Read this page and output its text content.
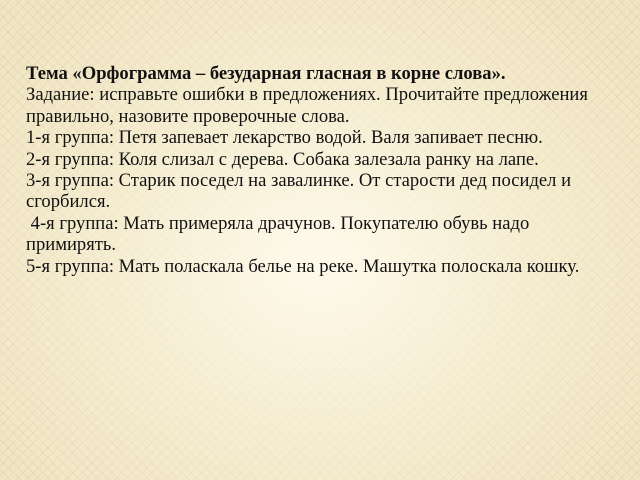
Тема «Орфограмма – безударная гласная в корне слова».

Задание: исправьте ошибки в предложениях. Прочитайте предложения правильно, назовите проверочные слова.

1-я группа: Петя запевает лекарство водой. Валя запивает песню.

2-я группа: Коля слизал с дерева. Собака залезала ранку на лапе.

3-я группа: Старик поседел на завалинке. От старости дед посидел и сгорбился.

4-я группа: Мать примеряла драчунов. Покупателю обувь надо примирять.

5-я группа: Мать поласкала белье на реке. Машутка полоскала кошку.
